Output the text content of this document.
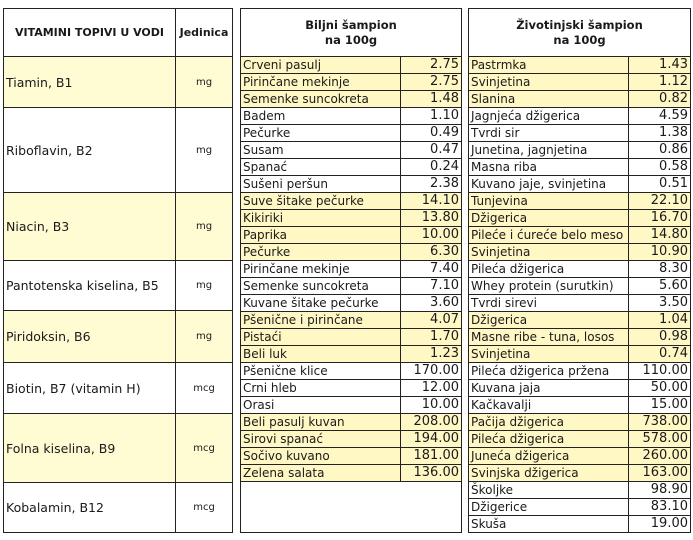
VITAMINI TOPIVI U VODI	Jedinica
Tiamin, B1	mg
Riboflavin, B2	mg
Niacin, B3	mg
Pantotenska kiselina, B5	mg
Piridoksin, B6	mg
Biotin, B7 (vitamin H)	mcg
Folna kiselina, B9	mcg
Kobalamin, B12	mcg
Biljni šampion
na 100g
Crveni pasulj	2.75
Pirinčane mekinje	2.75
Semenke suncokreta	1.48
Badem	1.10
Pečurke	0.49
Susam	0.47
Spanać	0.24
Sušeni peršun	2.38
Suve šitake pečurke	14.10
Kikiriki	13.80
Paprika	10.00
Pečurke	6.30
Pirinčane mekinje	7.40
Semenke suncokreta	7.10
Kuvane šitake pečurke	3.60
Pšenične i pirinčane	4.07
Pistaći	1.70
Beli luk	1.23
Pšenične klice	170.00
Crni hleb	12.00
Orasi	10.00
Beli pasulj kuvan	208.00
Sirovi spanać	194.00
Sočivo kuvano	181.00
Zelena salata	136.00
Životinjski šampion
na 100g
Pastrmka	1.43
Svinjetina	1.12
Slanina	0.82
Jagnjeća džigerica	4.59
Tvrdi sir	1.38
Junetina, jagnjetina	0.86
Masna riba	0.58
Kuvano jaje, svinjetina	0.51
Tunjevina	22.10
Džigerica	16.70
Pileće i ćureće belo meso	14.80
Svinjetina	10.90
Pileća džigerica	8.30
Whey protein (surutkin)	5.60
Tvrdi sirevi	3.50
Džigerica	1.04
Masne ribe - tuna, losos	0.98
Svinjetina	0.74
Pileća džigerica pržena	110.00
Kuvana jaja	50.00
Kačkavalji	15.00
Pačija džigerica	738.00
Pileća džigerica	578.00
Juneća džigerica	260.00
Svinjska džigerica	163.00
Školjke	98.90
Džigerice	83.10
Skuša	19.00
